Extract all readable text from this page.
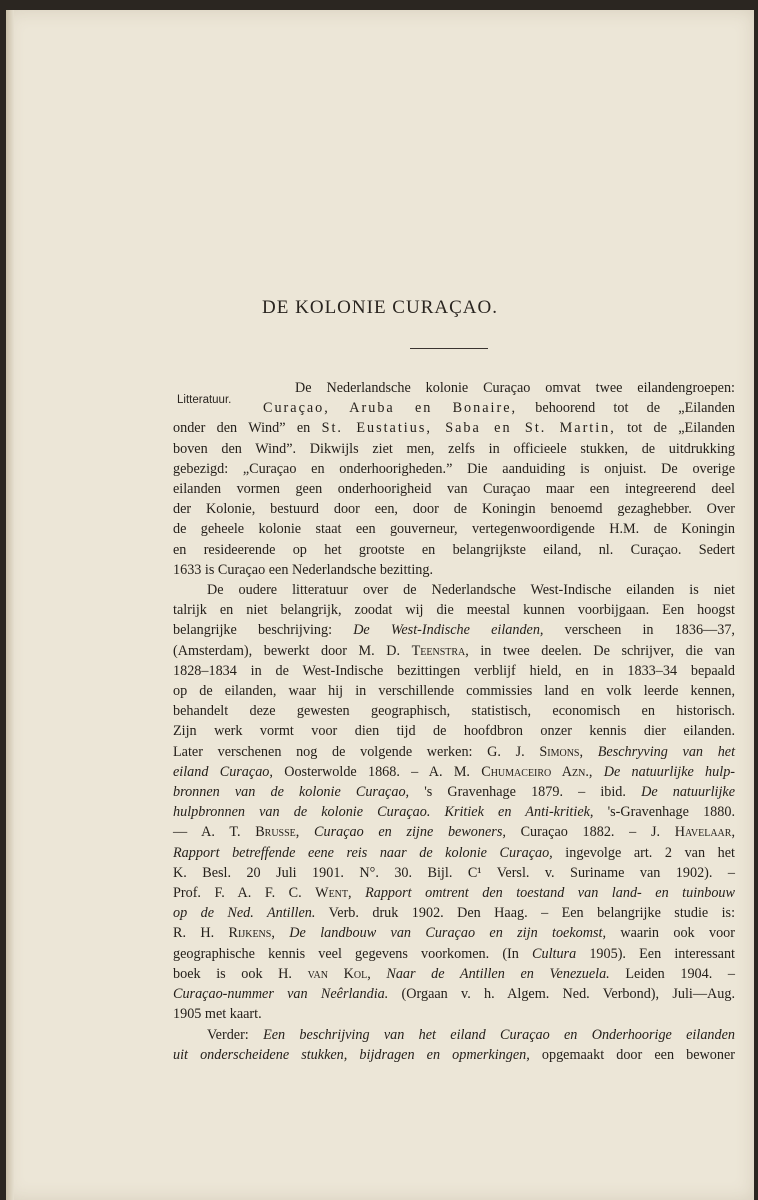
DE KOLONIE CURAÇAO.
Litteratuur.
De Nederlandsche kolonie Curaçao omvat twee eilandengroepen:
Curaçao, Aruba en Bonaire, behoorend tot de „Eilanden
onder den Wind” en St. Eustatius, Saba en St. Martin, tot de „Eilanden
boven den Wind”. Dikwijls ziet men, zelfs in officieele stukken, de uitdrukking
gebezigd: „Curaçao en onderhoorigheden.” Die aanduiding is onjuist. De overige
eilanden vormen geen onderhoorigheid van Curaçao maar een integreerend deel
der Kolonie, bestuurd door een, door de Koningin benoemd gezaghebber. Over
de geheele kolonie staat een gouverneur, vertegenwoordigende H.M. de Koningin
en resideerende op het grootste en belangrijkste eiland, nl. Curaçao. Sedert
1633 is Curaçao een Nederlandsche bezitting.
De oudere litteratuur over de Nederlandsche West-Indische eilanden is niet
talrijk en niet belangrijk, zoodat wij die meestal kunnen voorbijgaan. Een hoogst
belangrijke beschrijving: De West-Indische eilanden, verscheen in 1836—37,
(Amsterdam), bewerkt door M. D. Teenstra, in twee deelen. De schrijver, die van
1828–1834 in de West-Indische bezittingen verblijf hield, en in 1833–34 bepaald
op de eilanden, waar hij in verschillende commissies land en volk leerde kennen,
behandelt deze gewesten geographisch, statistisch, economisch en historisch.
Zijn werk vormt voor dien tijd de hoofdbron onzer kennis dier eilanden.
Later verschenen nog de volgende werken: G. J. Simons, Beschryving van het
eiland Curaçao, Oosterwolde 1868. – A. M. Chumaceiro Azn., De natuurlijke hulp-
bronnen van de kolonie Curaçao, 's Gravenhage 1879. – ibid. De natuurlijke
hulpbronnen van de kolonie Curaçao. Kritiek en Anti-kritiek, 's-Gravenhage 1880.
— A. T. Brusse, Curaçao en zijne bewoners, Curaçao 1882. – J. Havelaar,
Rapport betreffende eene reis naar de kolonie Curaçao, ingevolge art. 2 van het
K. Besl. 20 Juli 1901. N°. 30. Bijl. C¹ Versl. v. Suriname van 1902). –
Prof. F. A. F. C. Went, Rapport omtrent den toestand van land- en tuinbouw
op de Ned. Antillen. Verb. druk 1902. Den Haag. – Een belangrijke studie is:
R. H. Rijkens, De landbouw van Curaçao en zijn toekomst, waarin ook voor
geographische kennis veel gegevens voorkomen. (In Cultura 1905). Een interessant
boek is ook H. van Kol, Naar de Antillen en Venezuela. Leiden 1904. –
Curaçao-nummer van Neêrlandia. (Orgaan v. h. Algem. Ned. Verbond), Juli—Aug.
1905 met kaart.
Verder: Een beschrijving van het eiland Curaçao en Onderhoorige eilanden
uit onderscheidene stukken, bijdragen en opmerkingen, opgemaakt door een bewoner
